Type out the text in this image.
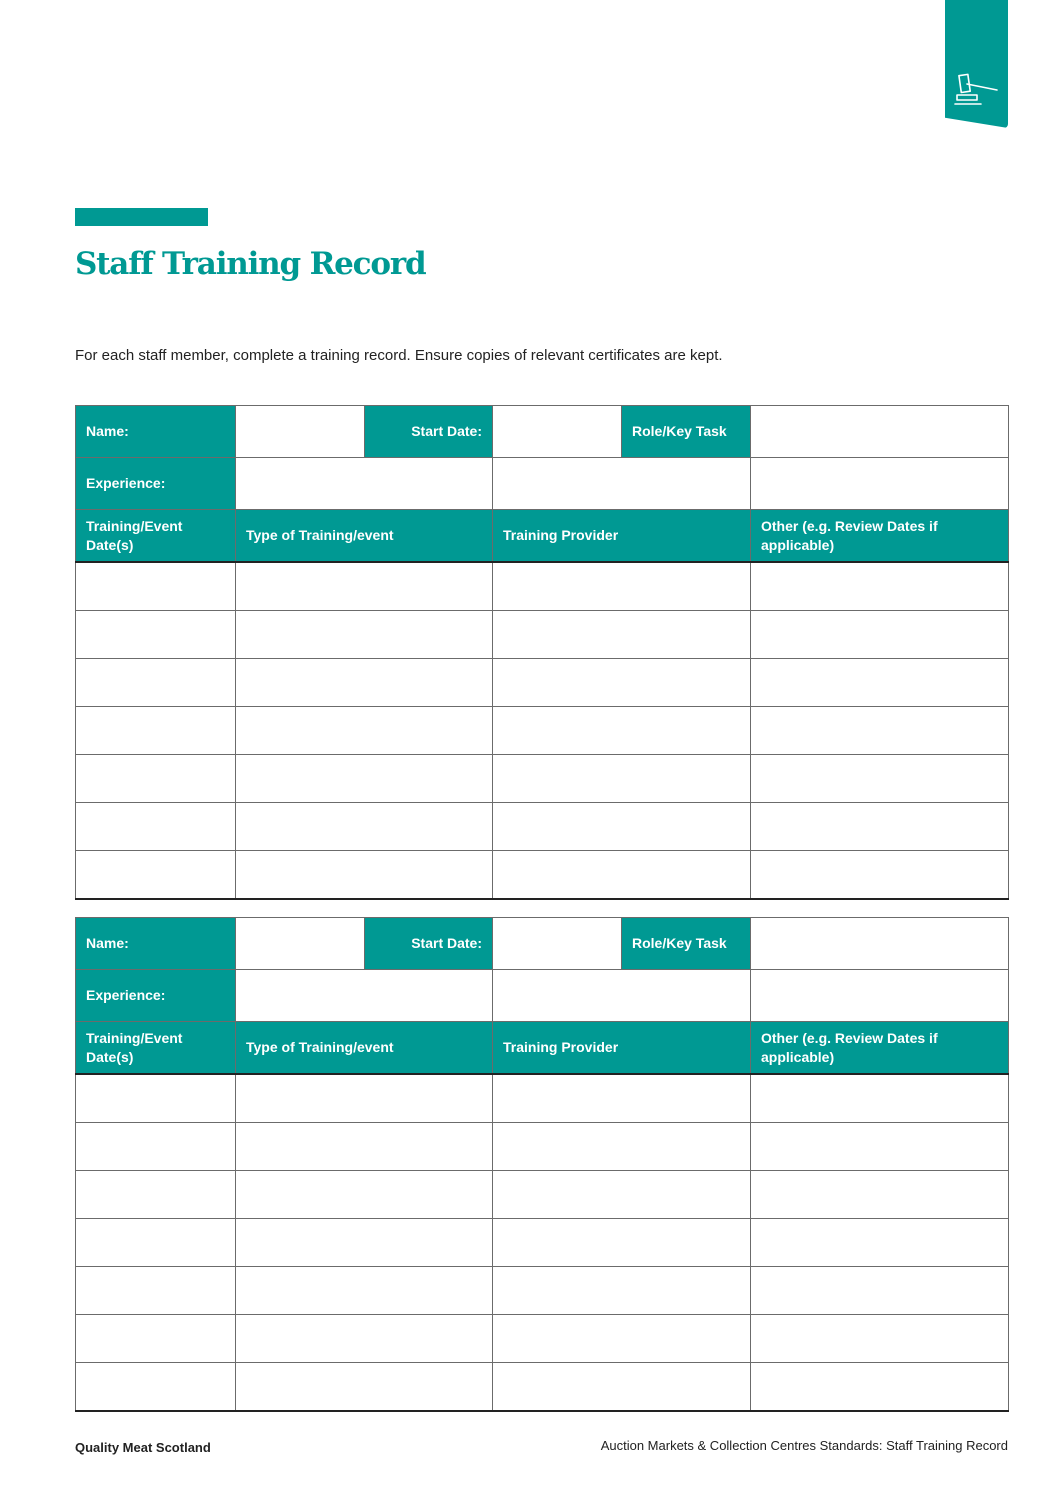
Staff Training Record

For each staff member, complete a training record. Ensure copies of relevant certificates are kept.

Name:		Start Date:		Role/Key Task	
Experience:					
Training/Event Date(s)	Type of Training/event		Training Provider		Other (e.g. Review Dates if applicable)

Name:		Start Date:		Role/Key Task	
Experience:					
Training/Event Date(s)	Type of Training/event		Training Provider		Other (e.g. Review Dates if applicable)

Quality Meat Scotland	Auction Markets & Collection Centres Standards: Staff Training Record
